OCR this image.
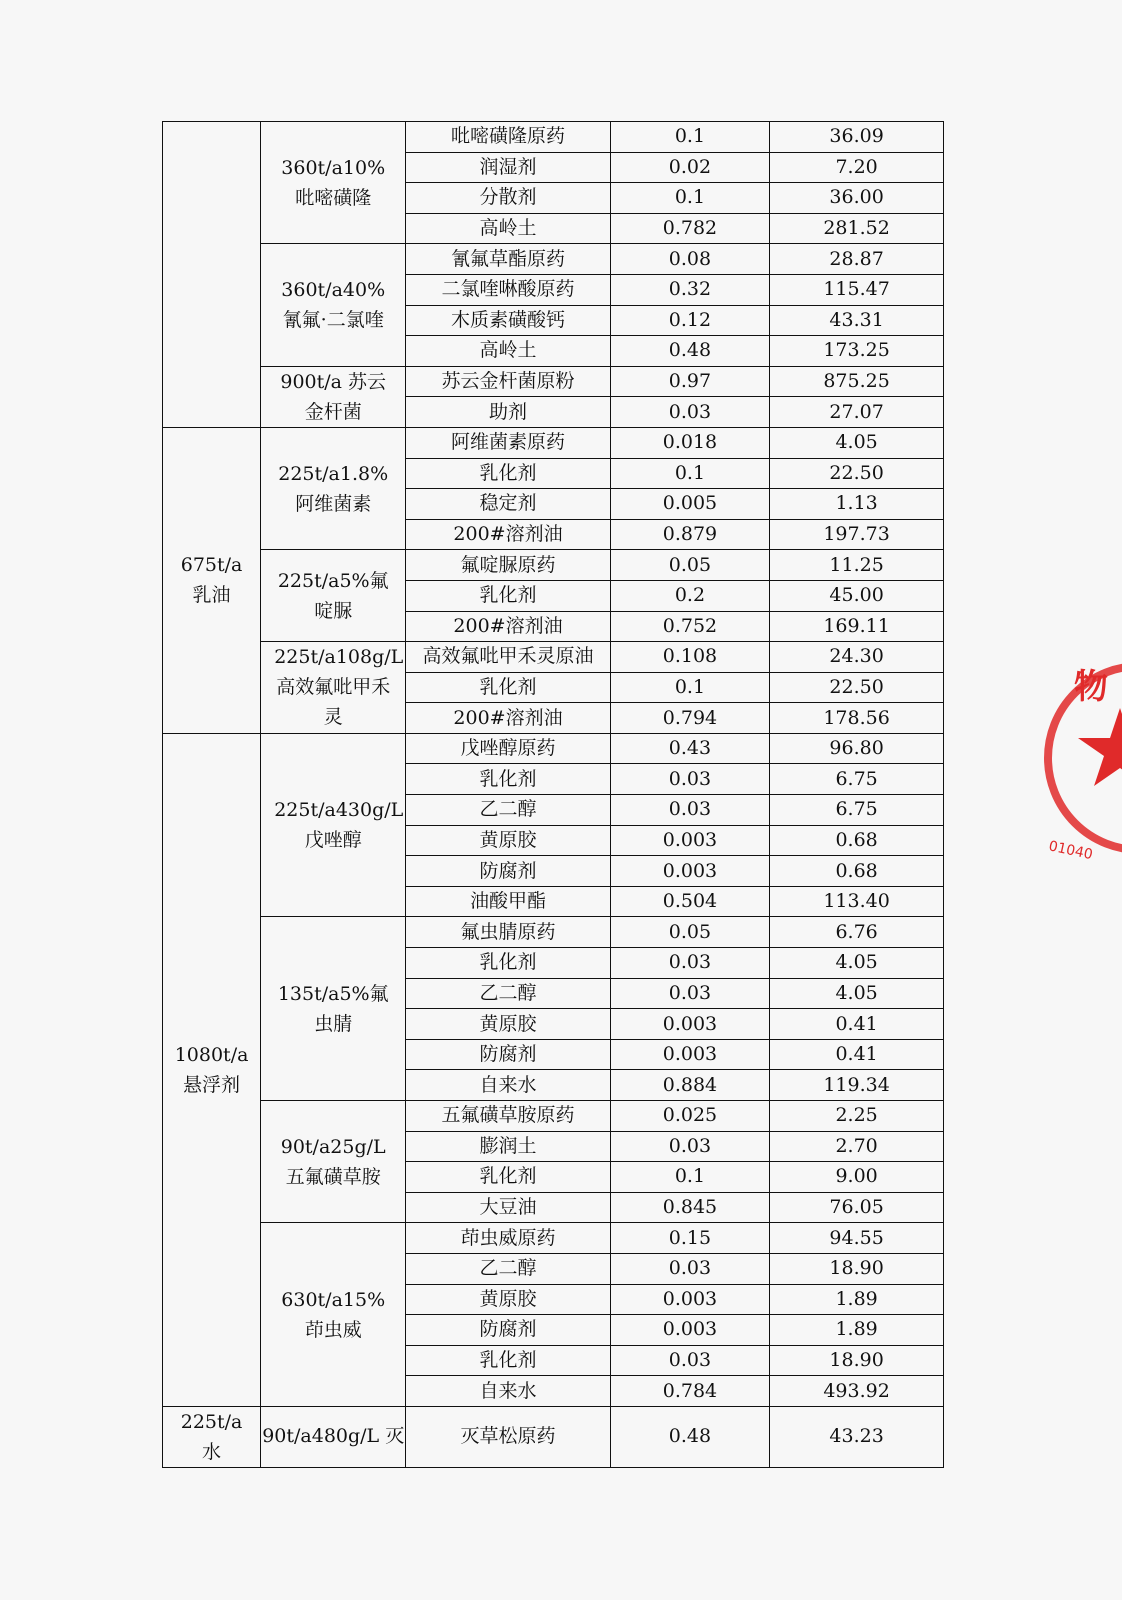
	360t/a10%吡嘧磺隆	吡嘧磺隆原药	0.1	36.09
		润湿剂	0.02	7.20
		分散剂	0.1	36.00
		高岭土	0.782	281.52
	360t/a40%氰氟·二氯喹	氰氟草酯原药	0.08	28.87
		二氯喹啉酸原药	0.32	115.47
		木质素磺酸钙	0.12	43.31
		高岭土	0.48	173.25
	900t/a 苏云金杆菌	苏云金杆菌原粉	0.97	875.25
		助剂	0.03	27.07
675t/a 乳油	225t/a1.8%阿维菌素	阿维菌素原药	0.018	4.05
		乳化剂	0.1	22.50
		稳定剂	0.005	1.13
		200#溶剂油	0.879	197.73
	225t/a5%氟啶脲	氟啶脲原药	0.05	11.25
		乳化剂	0.2	45.00
		200#溶剂油	0.752	169.11
	225t/a108g/L 高效氟吡甲禾灵	高效氟吡甲禾灵原油	0.108	24.30
		乳化剂	0.1	22.50
		200#溶剂油	0.794	178.56
1080t/a 悬浮剂	225t/a430g/L 戊唑醇	戊唑醇原药	0.43	96.80
		乳化剂	0.03	6.75
		乙二醇	0.03	6.75
		黄原胶	0.003	0.68
		防腐剂	0.003	0.68
		油酸甲酯	0.504	113.40
	135t/a5%氟虫腈	氟虫腈原药	0.05	6.76
		乳化剂	0.03	4.05
		乙二醇	0.03	4.05
		黄原胶	0.003	0.41
		防腐剂	0.003	0.41
		自来水	0.884	119.34
	90t/a25g/L 五氟磺草胺	五氟磺草胺原药	0.025	2.25
		膨润土	0.03	2.70
		乳化剂	0.1	9.00
		大豆油	0.845	76.05
	630t/a15%茚虫威	茚虫威原药	0.15	94.55
		乙二醇	0.03	18.90
		黄原胶	0.003	1.89
		防腐剂	0.003	1.89
		乳化剂	0.03	18.90
		自来水	0.784	493.92
225t/a 水	90t/a480g/L 灭	灭草松原药	0.48	43.23
物
01040
